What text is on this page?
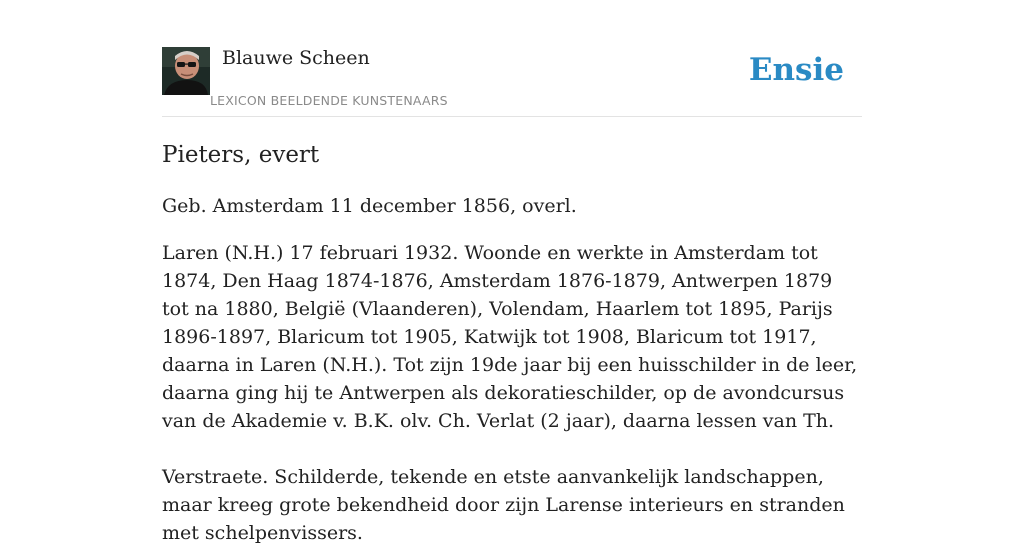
Blauwe Scheen
LEXICON BEELDENDE KUNSTENAARS
Ensie
Pieters, evert

Geb. Amsterdam 11 december 1856, overl.

Laren (N.H.) 17 februari 1932. Woonde en werkte in Amsterdam tot 1874, Den Haag 1874-1876, Amsterdam 1876-1879, Antwerpen 1879 tot na 1880, België (Vlaanderen), Volendam, Haarlem tot 1895, Parijs 1896-1897, Blaricum tot 1905, Katwijk tot 1908, Blaricum tot 1917, daarna in Laren (N.H.). Tot zijn 19de jaar bij een huisschilder in de leer, daarna ging hij te Antwerpen als dekoratieschilder, op de avondcursus van de Akademie v. B.K. olv. Ch. Verlat (2 jaar), daarna lessen van Th.

Verstraete. Schilderde, tekende en etste aanvankelijk landschappen, maar kreeg grote bekendheid door zijn Larense interieurs en stranden met schelpenvissers.
